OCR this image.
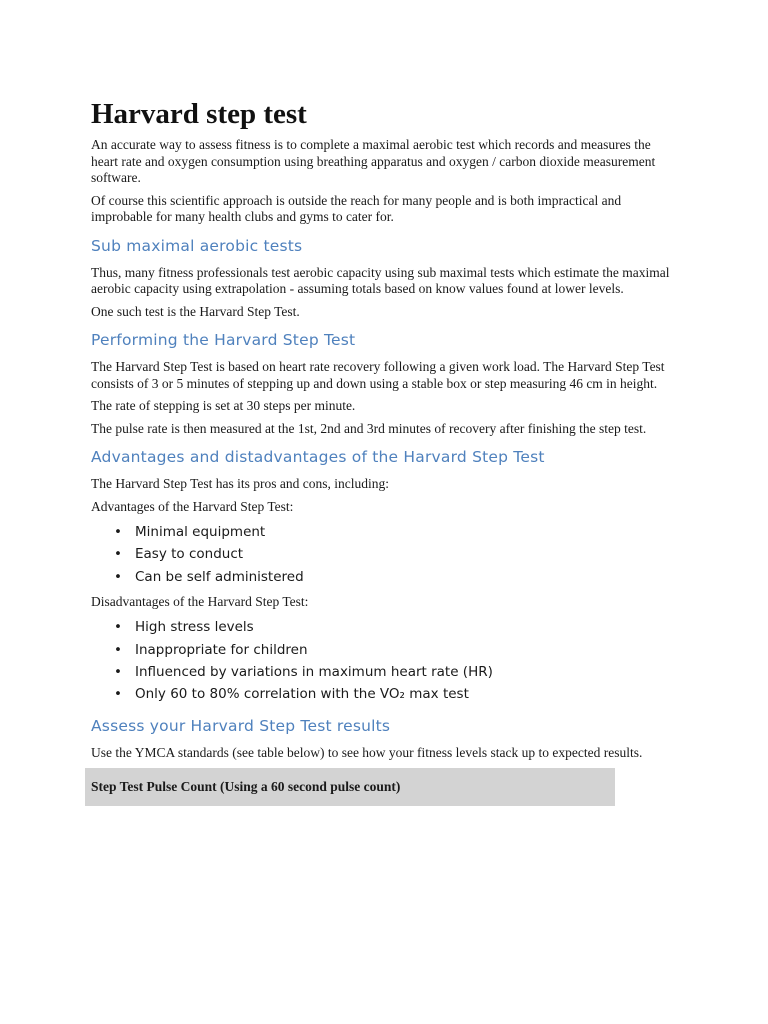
Harvard step test

An accurate way to assess fitness is to complete a maximal aerobic test which records and measures the heart rate and oxygen consumption using breathing apparatus and oxygen / carbon dioxide measurement software.

Of course this scientific approach is outside the reach for many people and is both impractical and improbable for many health clubs and gyms to cater for.

Sub maximal aerobic tests

Thus, many fitness professionals test aerobic capacity using sub maximal tests which estimate the maximal aerobic capacity using extrapolation - assuming totals based on know values found at lower levels.

One such test is the Harvard Step Test.

Performing the Harvard Step Test

The Harvard Step Test is based on heart rate recovery following a given work load. The Harvard Step Test consists of 3 or 5 minutes of stepping up and down using a stable box or step measuring 46 cm in height.

The rate of stepping is set at 30 steps per minute.

The pulse rate is then measured at the 1st, 2nd and 3rd minutes of recovery after finishing the step test.

Advantages and distadvantages of the Harvard Step Test

The Harvard Step Test has its pros and cons, including:

Advantages of the Harvard Step Test:

• Minimal equipment
• Easy to conduct
• Can be self administered

Disadvantages of the Harvard Step Test:

• High stress levels
• Inappropriate for children
• Influenced by variations in maximum heart rate (HR)
• Only 60 to 80% correlation with the VO₂ max test
Assess your Harvard Step Test results

Use the YMCA standards (see table below) to see how your fitness levels stack up to expected results.

Step Test Pulse Count (Using a 60 second pulse count)
